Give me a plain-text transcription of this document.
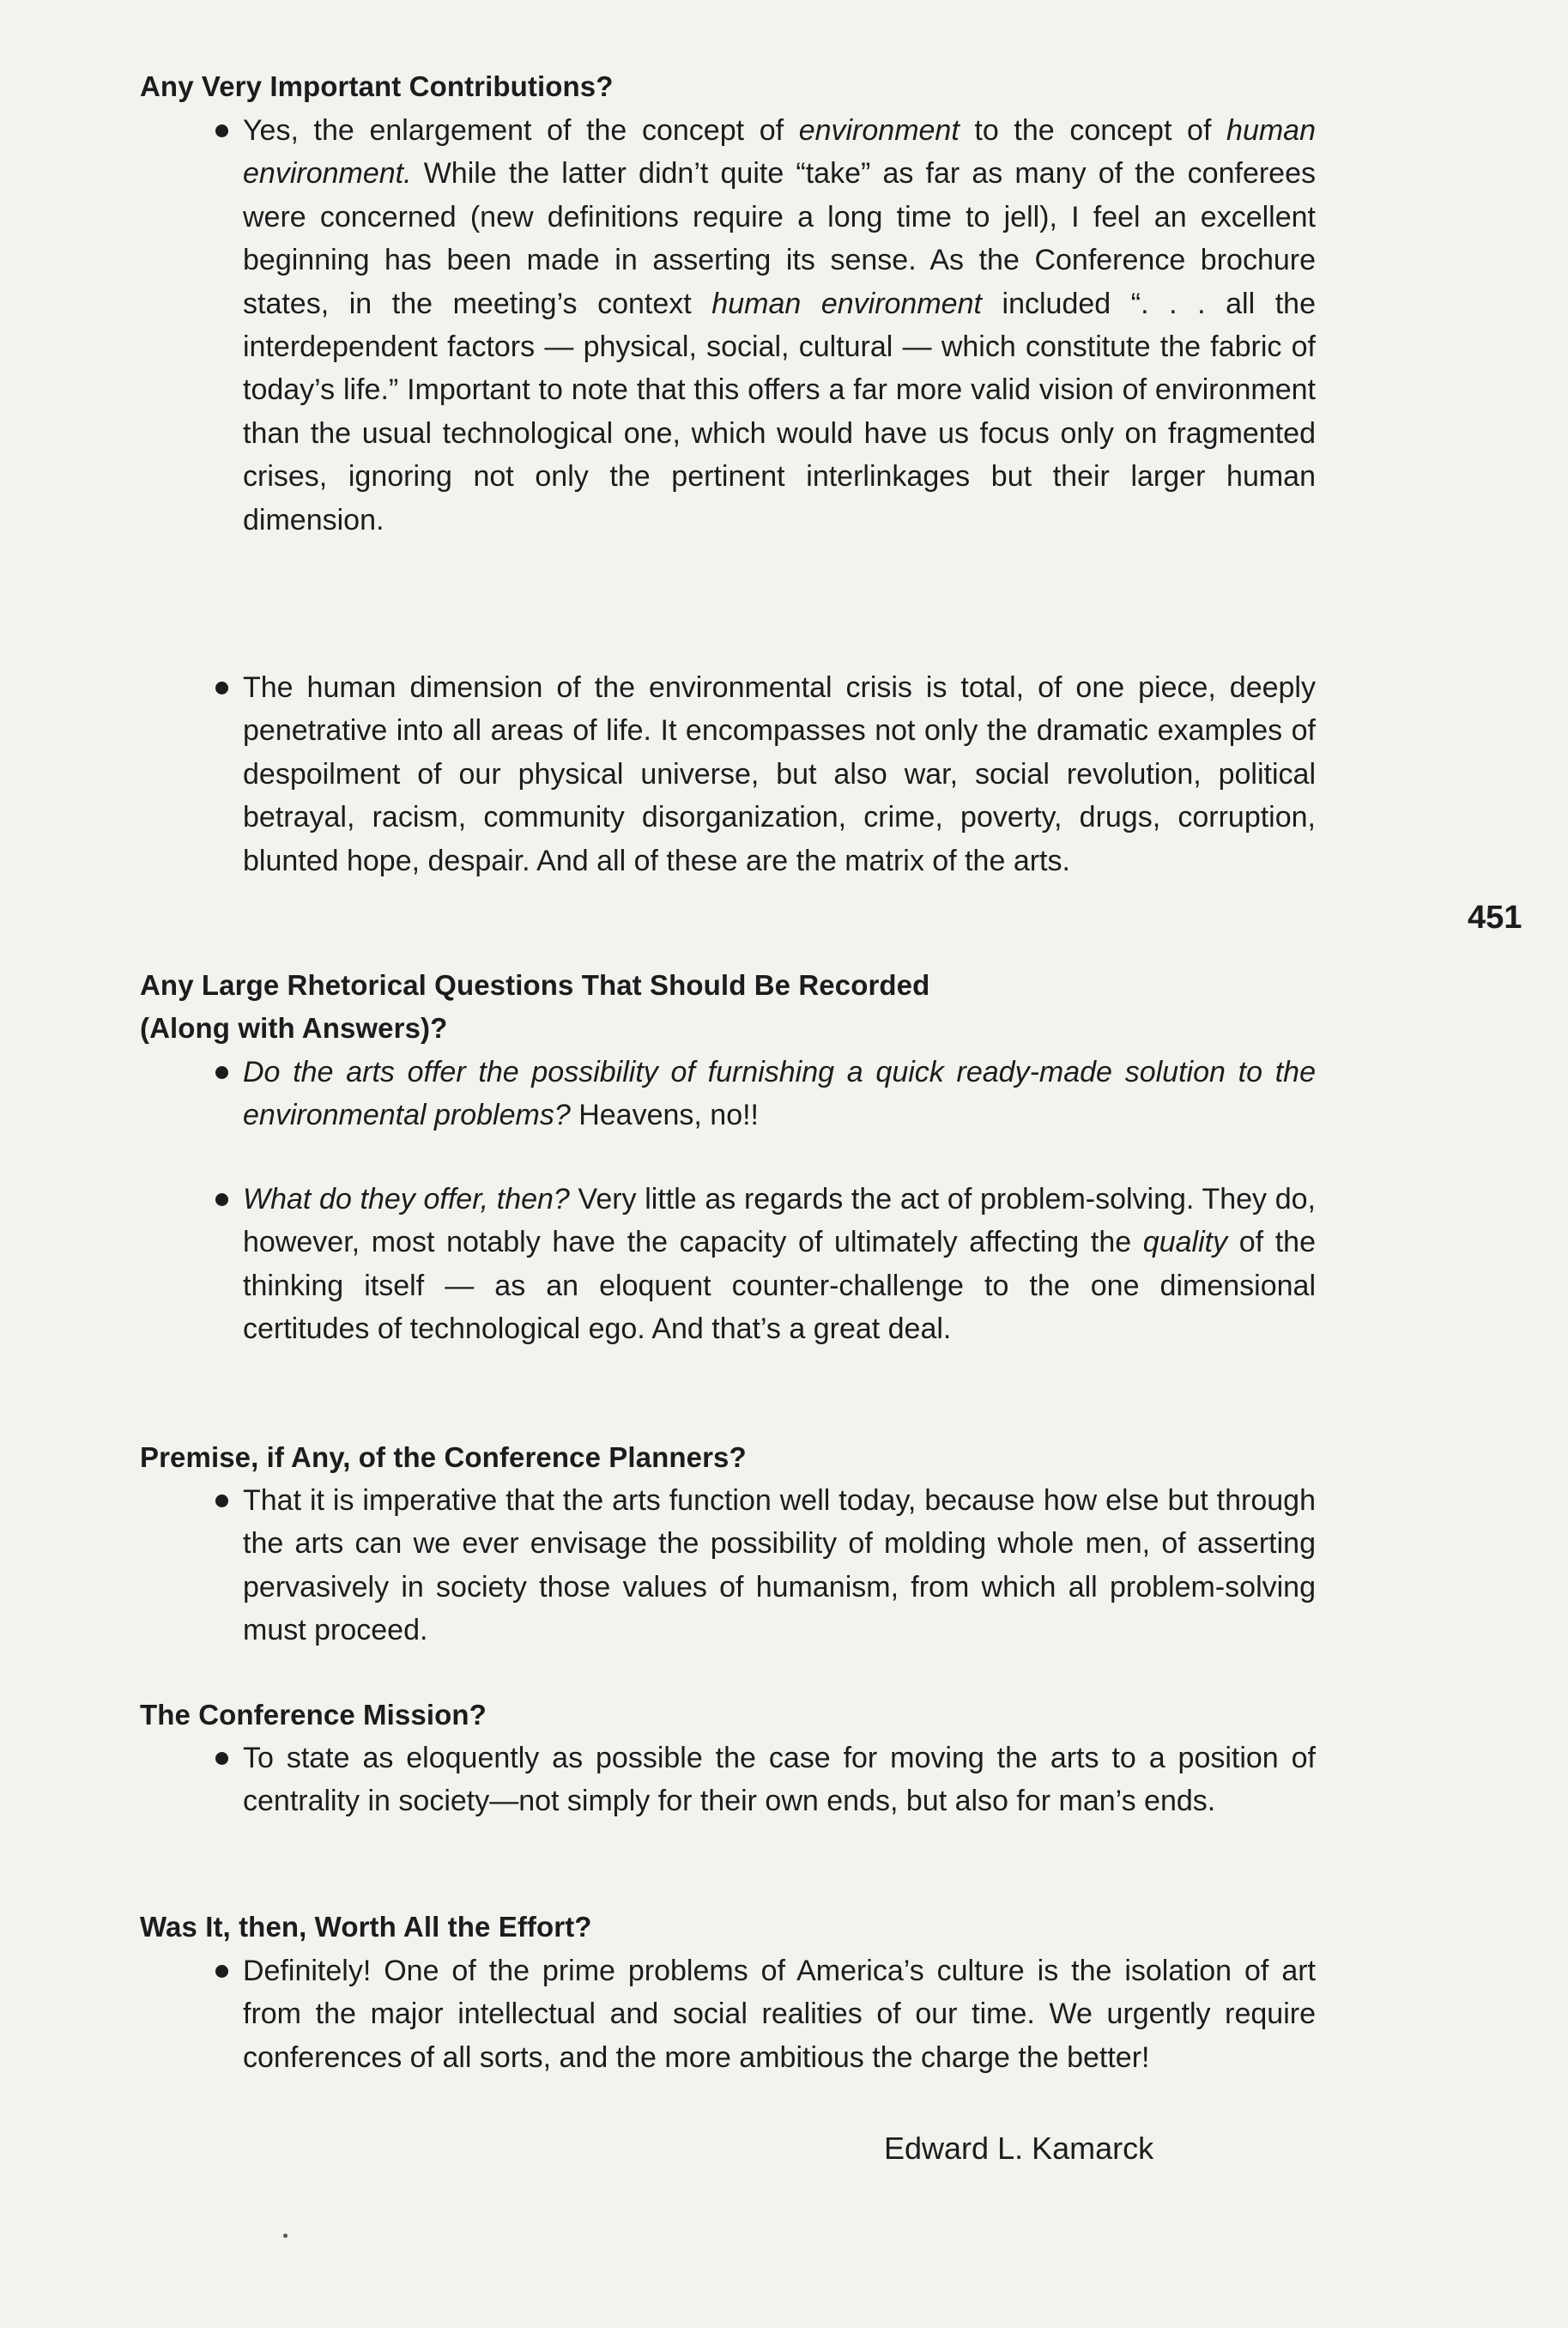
Any Very Important Contributions?

Yes, the enlargement of the concept of environment to the concept of human environment. While the latter didn’t quite “take” as far as many of the conferees were concerned (new definitions require a long time to jell), I feel an excellent beginning has been made in asserting its sense. As the Conference brochure states, in the meeting’s context human environment included “. . . all the interdependent factors — physical, social, cultural — which constitute the fabric of today’s life.” Important to note that this offers a far more valid vision of environment than the usual technological one, which would have us focus only on fragmented crises, ignoring not only the pertinent interlinkages but their larger human dimension.

The human dimension of the environmental crisis is total, of one piece, deeply penetrative into all areas of life. It encompasses not only the dramatic examples of despoilment of our physical universe, but also war, social revolution, political betrayal, racism, community disorganization, crime, poverty, drugs, corruption, blunted hope, despair. And all of these are the matrix of the arts.

451
Any Large Rhetorical Questions That Should Be Recorded
(Along with Answers)?

Do the arts offer the possibility of furnishing a quick ready-made solution to the environmental problems? Heavens, no!!

What do they offer, then? Very little as regards the act of problem-solving. They do, however, most notably have the capacity of ultimately affecting the quality of the thinking itself — as an eloquent counter-challenge to the one dimensional certitudes of technological ego. And that’s a great deal.

Premise, if Any, of the Conference Planners?

That it is imperative that the arts function well today, because how else but through the arts can we ever envisage the possibility of molding whole men, of asserting pervasively in society those values of humanism, from which all problem-solving must proceed.

The Conference Mission?

To state as eloquently as possible the case for moving the arts to a position of centrality in society—not simply for their own ends, but also for man’s ends.

Was It, then, Worth All the Effort?

Definitely! One of the prime problems of America’s culture is the isolation of art from the major intellectual and social realities of our time. We urgently require conferences of all sorts, and the more ambitious the charge the better!

Edward L. Kamarck
